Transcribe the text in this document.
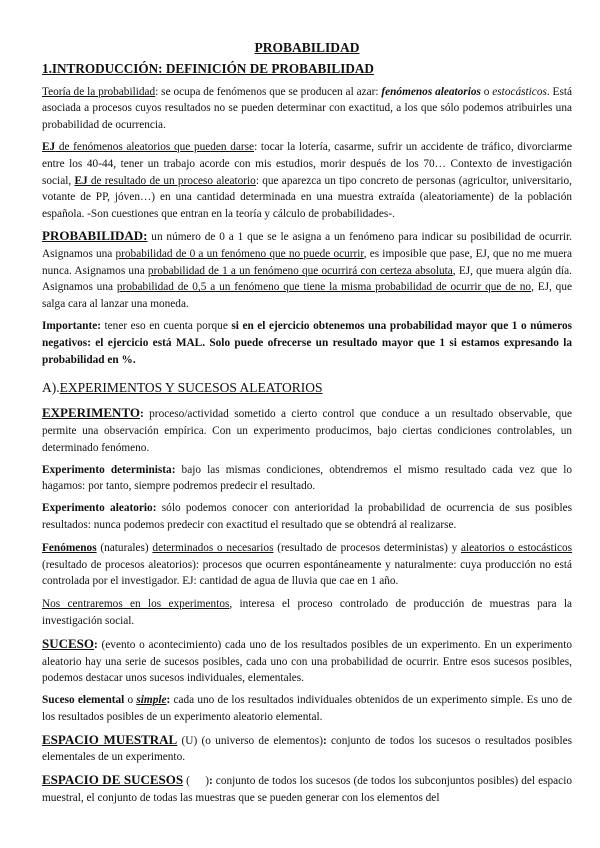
PROBABILIDAD
1.INTRODUCCIÓN: DEFINICIÓN DE PROBABILIDAD

Teoría de la probabilidad: se ocupa de fenómenos que se producen al azar: fenómenos aleatorios o estocásticos. Está asociada a procesos cuyos resultados no se pueden determinar con exactitud, a los que sólo podemos atribuirles una probabilidad de ocurrencia.

EJ de fenómenos aleatorios que pueden darse: tocar la lotería, casarme, sufrir un accidente de tráfico, divorciarme entre los 40-44, tener un trabajo acorde con mis estudios, morir después de los 70… Contexto de investigación social, EJ de resultado de un proceso aleatorio: que aparezca un tipo concreto de personas (agricultor, universitario, votante de PP, jóven…) en una cantidad determinada en una muestra extraída (aleatoriamente) de la población española. -Son cuestiones que entran en la teoría y cálculo de probabilidades-.

PROBABILIDAD: un número de 0 a 1 que se le asigna a un fenómeno para indicar su posibilidad de ocurrir. Asignamos una probabilidad de 0 a un fenómeno que no puede ocurrir, es imposible que pase, EJ, que no me muera nunca. Asignamos una probabilidad de 1 a un fenómeno que ocurrirá con certeza absoluta, EJ, que muera algún día. Asignamos una probabilidad de 0,5 a un fenómeno que tiene la misma probabilidad de ocurrir que de no, EJ, que salga cara al lanzar una moneda.

Importante: tener eso en cuenta porque si en el ejercicio obtenemos una probabilidad mayor que 1 o números negativos: el ejercicio está MAL. Solo puede ofrecerse un resultado mayor que 1 si estamos expresando la probabilidad en %.

A).EXPERIMENTOS Y SUCESOS ALEATORIOS

EXPERIMENTO: proceso/actividad sometido a cierto control que conduce a un resultado observable, que permite una observación empírica. Con un experimento producimos, bajo ciertas condiciones controlables, un determinado fenómeno.

Experimento determinista: bajo las mismas condiciones, obtendremos el mismo resultado cada vez que lo hagamos: por tanto, siempre podremos predecir el resultado.

Experimento aleatorio: sólo podemos conocer con anterioridad la probabilidad de ocurrencia de sus posibles resultados: nunca podemos predecir con exactitud el resultado que se obtendrá al realizarse.

Fenómenos (naturales) determinados o necesarios (resultado de procesos deterministas) y aleatorios o estocásticos (resultado de procesos aleatorios): procesos que ocurren espontáneamente y naturalmente: cuya producción no está controlada por el investigador. EJ: cantidad de agua de lluvia que cae en 1 año.

Nos centraremos en los experimentos, interesa el proceso controlado de producción de muestras para la investigación social.

SUCESO: (evento o acontecimiento) cada uno de los resultados posibles de un experimento. En un experimento aleatorio hay una serie de sucesos posibles, cada uno con una probabilidad de ocurrir. Entre esos sucesos posibles, podemos destacar unos sucesos individuales, elementales.

Suceso elemental o simple: cada uno de los resultados individuales obtenidos de un experimento simple. Es uno de los resultados posibles de un experimento aleatorio elemental.

ESPACIO MUESTRAL (U) (o universo de elementos): conjunto de todos los sucesos o resultados posibles elementales de un experimento.

ESPACIO DE SUCESOS (     ): conjunto de todos los sucesos (de todos los subconjuntos posibles) del espacio muestral, el conjunto de todas las muestras que se pueden generar con los elementos del
